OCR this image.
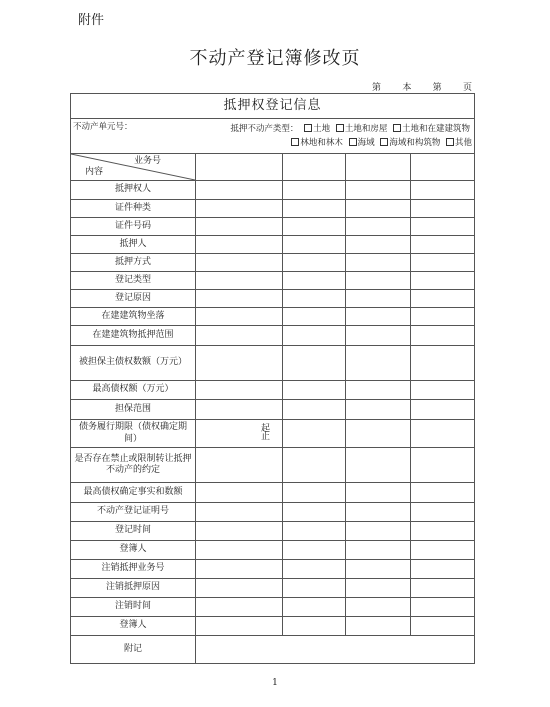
附件
不动产登记簿修改页
第 本 第 页
抵押权登记信息				

不动产单元号： 抵押不动产类型： 土地 土地和房屋 土地和在建建筑物
林地和林木 海域 海域和构筑物 其他				

业务号
内容				

抵押权人				
证件种类				
证件号码				
抵押人				
抵押方式				
登记类型				
登记原因				
在建建筑物坐落				
在建建筑物抵押范围				
被担保主债权数额（万元）				
最高债权额（万元）				
担保范围				
债务履行期限（债权确定期间）	起
止			

是否存在禁止或限制转让抵押不动产的约定				
最高债权确定事实和数额				
不动产登记证明号				
登记时间				
登簿人				
注销抵押业务号				
注销抵押原因				
注销时间				
登簿人				
附记				
1
